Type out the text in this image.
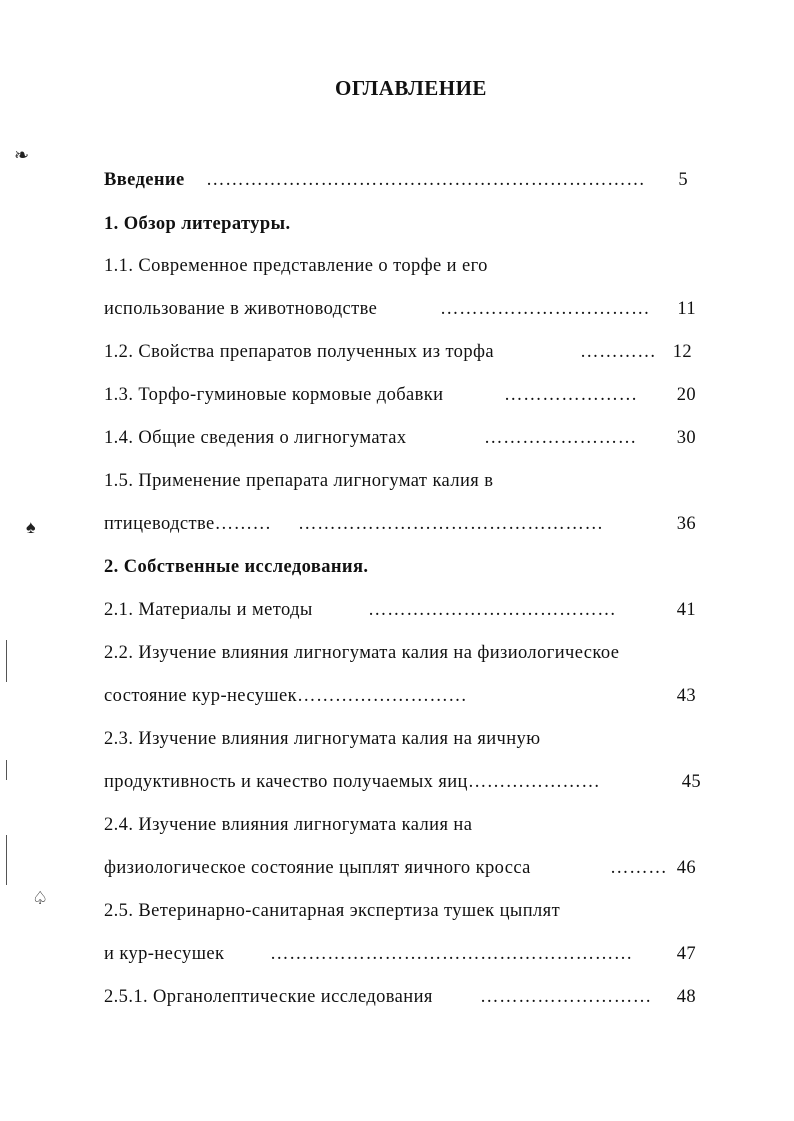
ОГЛАВЛЕНИЕ
❧
♠
♤
Введение ……………………………………………………………	5
1. Обзор литературы.
1.1. Современное представление о торфе и его
использование в животноводстве	……………………………	11
1.2. Свойства препаратов полученных из торфа	………… 12
1.3. Торфо-гуминовые кормовые добавки	…………………	20
1.4. Общие сведения о лигногуматах	……………………	30
1.5. Применение препарата лигногумат калия в
птицеводстве……… …………………………………………	36
2. Собственные исследования.
2.1. Материалы и методы	…………………………………	41
2.2. Изучение влияния лигногумата калия на физиологическое
состояние кур-несушек………………………	43
2.3. Изучение влияния лигногумата калия на яичную
продуктивность и качество получаемых яиц…………………	45
2.4. Изучение влияния лигногумата калия на
физиологическое состояние цыплят яичного кросса	……… 46
2.5. Ветеринарно-санитарная экспертиза тушек цыплят
и кур-несушек …………………………………………………	47
2.5.1. Органолептические исследования	………………………	48
